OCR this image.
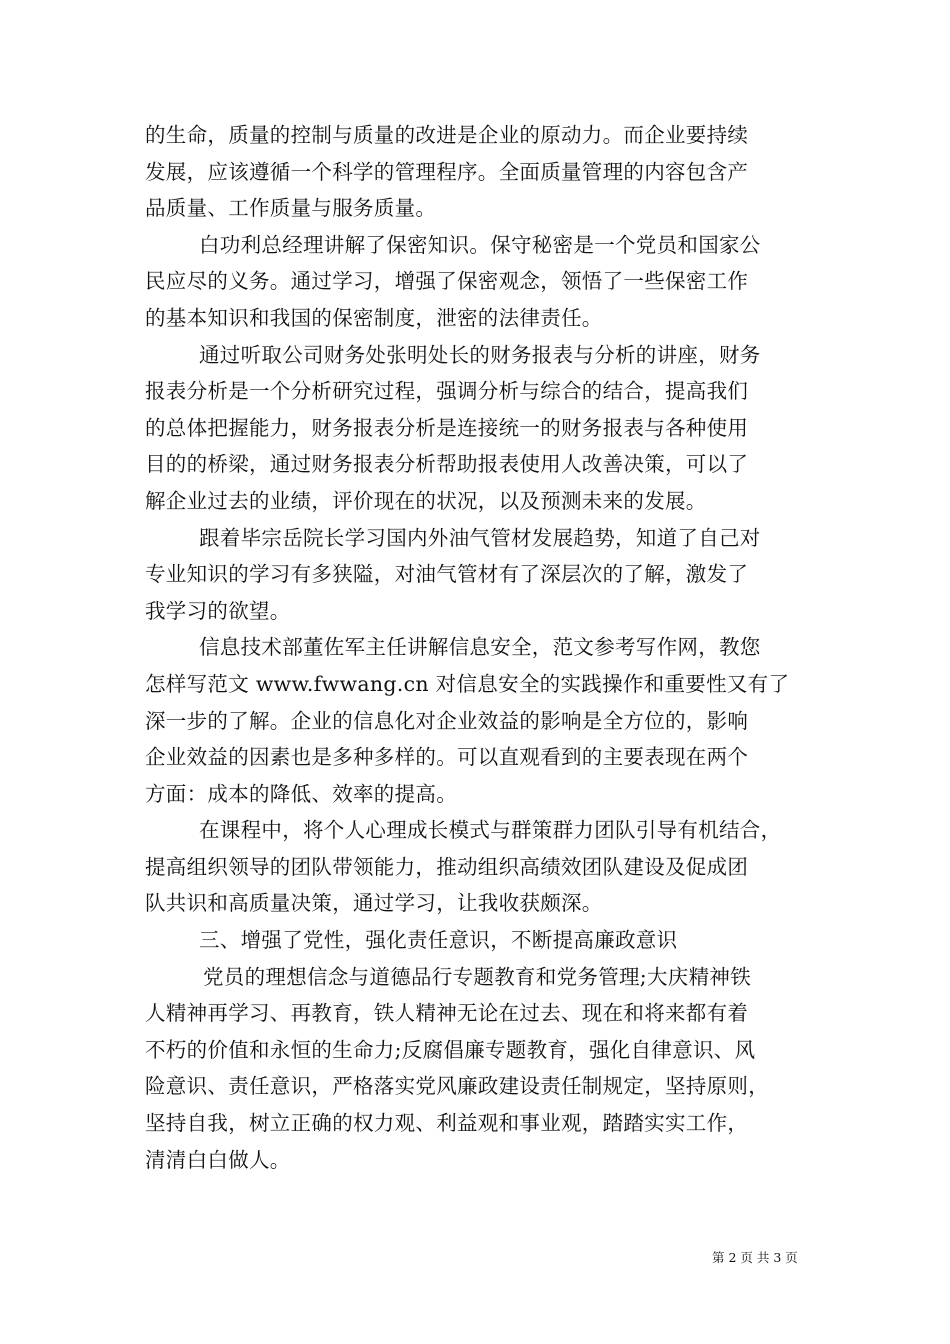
的生命，质量的控制与质量的改进是企业的原动力。而企业要持续
发展，应该遵循一个科学的管理程序。全面质量管理的内容包含产
品质量、工作质量与服务质量。
白功利总经理讲解了保密知识。保守秘密是一个党员和国家公
民应尽的义务。通过学习，增强了保密观念，领悟了一些保密工作
的基本知识和我国的保密制度，泄密的法律责任。
通过听取公司财务处张明处长的财务报表与分析的讲座，财务
报表分析是一个分析研究过程，强调分析与综合的结合，提高我们
的总体把握能力，财务报表分析是连接统一的财务报表与各种使用
目的的桥梁，通过财务报表分析帮助报表使用人改善决策，可以了
解企业过去的业绩，评价现在的状况，以及预测未来的发展。
跟着毕宗岳院长学习国内外油气管材发展趋势，知道了自己对
专业知识的学习有多狭隘，对油气管材有了深层次的了解，激发了
我学习的欲望。
信息技术部董佐军主任讲解信息安全，范文参考写作网，教您
怎样写范文 www.fwwang.cn 对信息安全的实践操作和重要性又有了
深一步的了解。企业的信息化对企业效益的影响是全方位的，影响
企业效益的因素也是多种多样的。可以直观看到的主要表现在两个
方面：成本的降低、效率的提高。
在课程中，将个人心理成长模式与群策群力团队引导有机结合，
提高组织领导的团队带领能力，推动组织高绩效团队建设及促成团
队共识和高质量决策，通过学习，让我收获颇深。
三、增强了党性，强化责任意识，不断提高廉政意识
党员的理想信念与道德品行专题教育和党务管理;大庆精神铁
人精神再学习、再教育，铁人精神无论在过去、现在和将来都有着
不朽的价值和永恒的生命力;反腐倡廉专题教育，强化自律意识、风
险意识、责任意识，严格落实党风廉政建设责任制规定，坚持原则，
坚持自我，树立正确的权力观、利益观和事业观，踏踏实实工作，
清清白白做人。
第 2 页 共 3 页
